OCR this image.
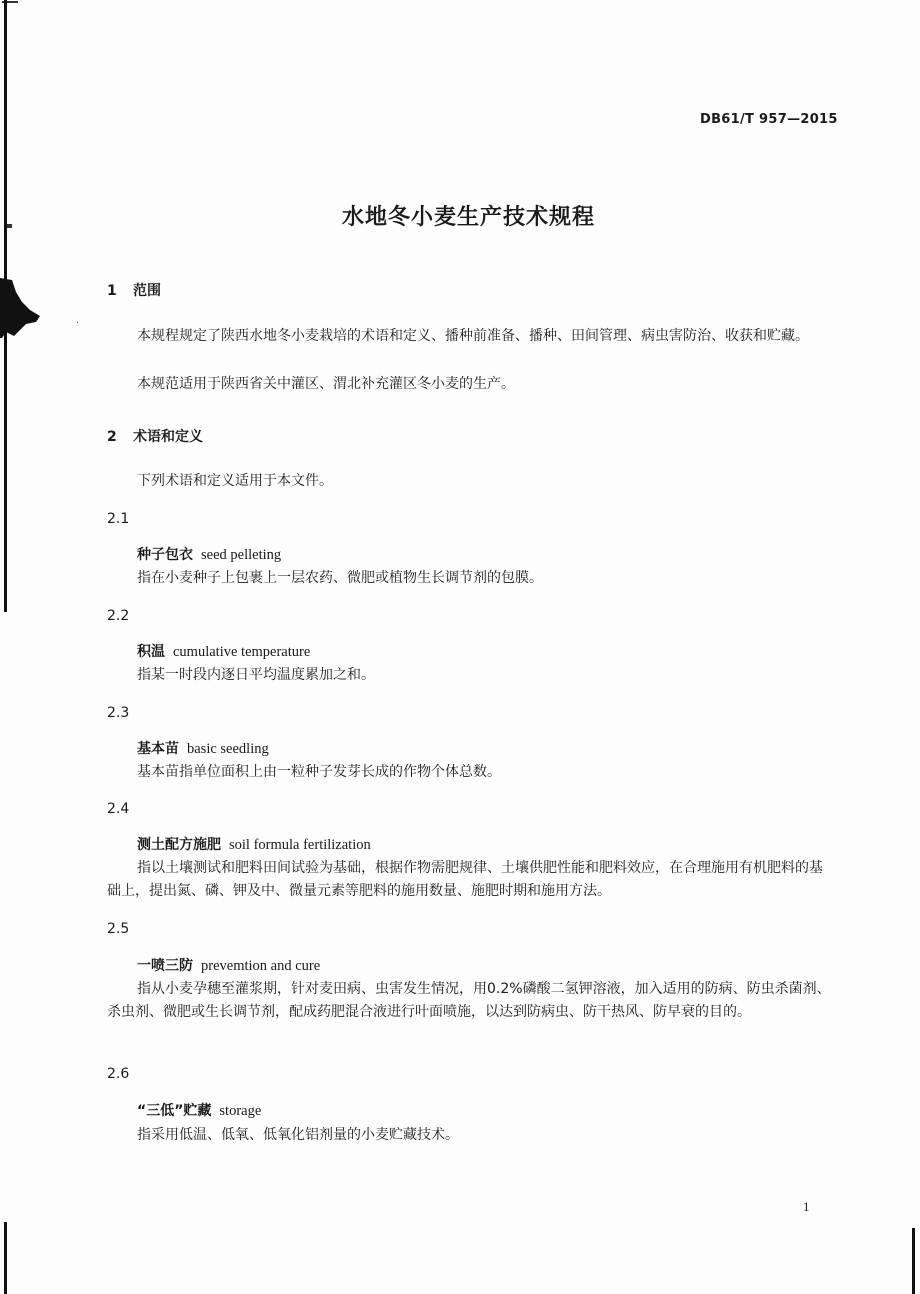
·
DB61/T 957—2015
水地冬小麦生产技术规程
1 范围
本规程规定了陕西水地冬小麦栽培的术语和定义、播种前准备、播种、田间管理、病虫害防治、收获和贮藏。
本规范适用于陕西省关中灌区、渭北补充灌区冬小麦的生产。
2 术语和定义
下列术语和定义适用于本文件。
2.1
种子包衣 seed pelleting
指在小麦种子上包裹上一层农药、微肥或植物生长调节剂的包膜。
2.2
积温 cumulative temperature
指某一时段内逐日平均温度累加之和。
2.3
基本苗 basic seedling
基本苗指单位面积上由一粒种子发芽长成的作物个体总数。
2.4
测土配方施肥 soil formula fertilization
指以土壤测试和肥料田间试验为基础，根据作物需肥规律、土壤供肥性能和肥料效应，在合理施用有机肥料的基础上，提出氮、磷、钾及中、微量元素等肥料的施用数量、施肥时期和施用方法。
2.5
一喷三防 prevemtion and cure
指从小麦孕穗至灌浆期，针对麦田病、虫害发生情况，用0.2%磷酸二氢钾溶液，加入适用的防病、防虫杀菌剂、杀虫剂、微肥或生长调节剂，配成药肥混合液进行叶面喷施，以达到防病虫、防干热风、防早衰的目的。
2.6
“三低”贮藏 storage
指采用低温、低氧、低氧化铝剂量的小麦贮藏技术。
1
